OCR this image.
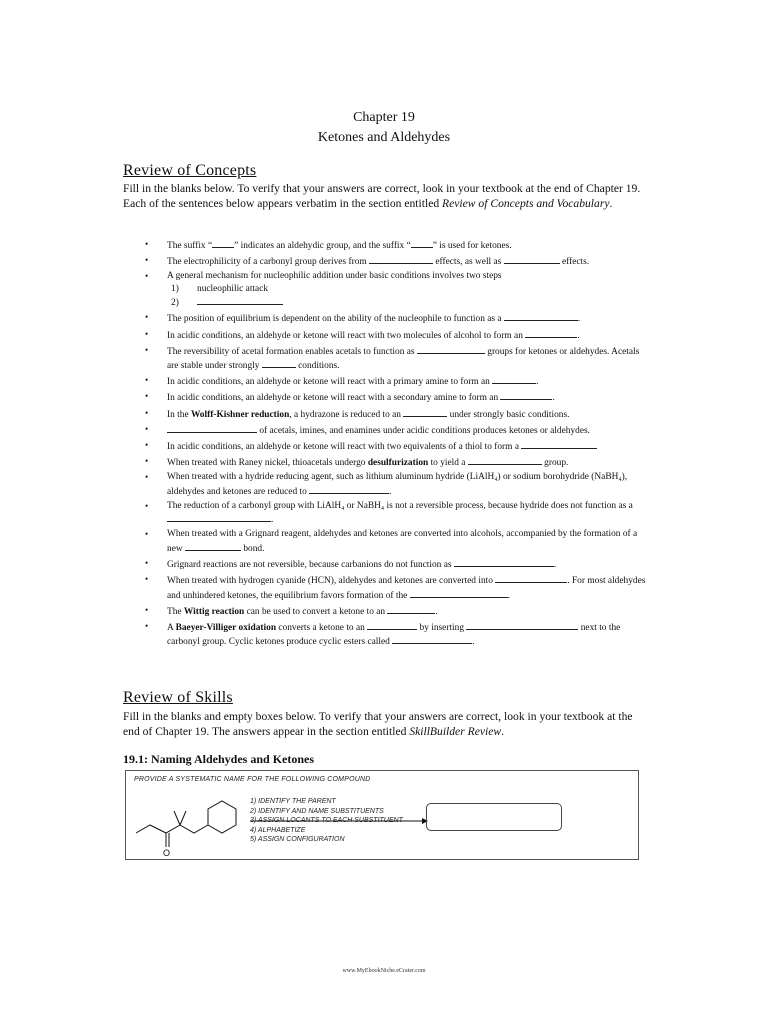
Chapter 19
Ketones and Aldehydes
Review of Concepts
Fill in the blanks below. To verify that your answers are correct, look in your textbook at the end of Chapter 19. Each of the sentences below appears verbatim in the section entitled Review of Concepts and Vocabulary.
• The suffix “ ” indicates an aldehydic group, and the suffix “ ” is used for ketones.
• The electrophilicity of a carbonyl group derives from	effects, as well as	effects.
• A general mechanism for nucleophilic addition under basic conditions involves two steps
1) nucleophilic attack
2)
• The position of equilibrium is dependent on the ability of the nucleophile to function as a	.
• In acidic conditions, an aldehyde or ketone will react with two molecules of alcohol to form an	.
• The reversibility of acetal formation enables acetals to function as	groups for ketones or aldehydes. Acetals are stable under strongly	conditions.
• In acidic conditions, an aldehyde or ketone will react with a primary amine to form an	.
• In acidic conditions, an aldehyde or ketone will react with a secondary amine to form an	.
• In the Wolff-Kishner reduction, a hydrazone is reduced to an	under strongly basic conditions.
• of acetals, imines, and enamines under acidic conditions produces ketones or aldehydes.
• In acidic conditions, an aldehyde or ketone will react with two equivalents of a thiol to form a
• When treated with Raney nickel, thioacetals undergo desulfurization to yield a	group.
• When treated with a hydride reducing agent, such as lithium aluminum hydride (LiAlH₄) or sodium borohydride (NaBH₄), aldehydes and ketones are reduced to	.
• The reduction of a carbonyl group with LiAlH₄ or NaBH₄ is not a reversible process, because hydride does not function as a .
• When treated with a Grignard reagent, aldehydes and ketones are converted into alcohols, accompanied by the formation of a new	bond.
• Grignard reactions are not reversible, because carbanions do not function as	.
• When treated with hydrogen cyanide (HCN), aldehydes and ketones are converted into	. For most aldehydes and unhindered ketones, the equilibrium favors formation of the	.
• The Wittig reaction can be used to convert a ketone to an	.
• A Baeyer-Villiger oxidation converts a ketone to an	by inserting	next to the carbonyl group. Cyclic ketones produce cyclic esters called	.
Review of Skills
Fill in the blanks and empty boxes below. To verify that your answers are correct, look in your textbook at the end of Chapter 19. The answers appear in the section entitled SkillBuilder Review.
19.1: Naming Aldehydes and Ketones
PROVIDE A SYSTEMATIC NAME FOR THE FOLLOWING COMPOUND
O
1) IDENTIFY THE PARENT
2) IDENTIFY AND NAME SUBSTITUENTS
3) ASSIGN LOCANTS TO EACH SUBSTITUENT
4) ALPHABETIZE
5) ASSIGN CONFIGURATION
www.MyEbookNiche.eCrater.com
